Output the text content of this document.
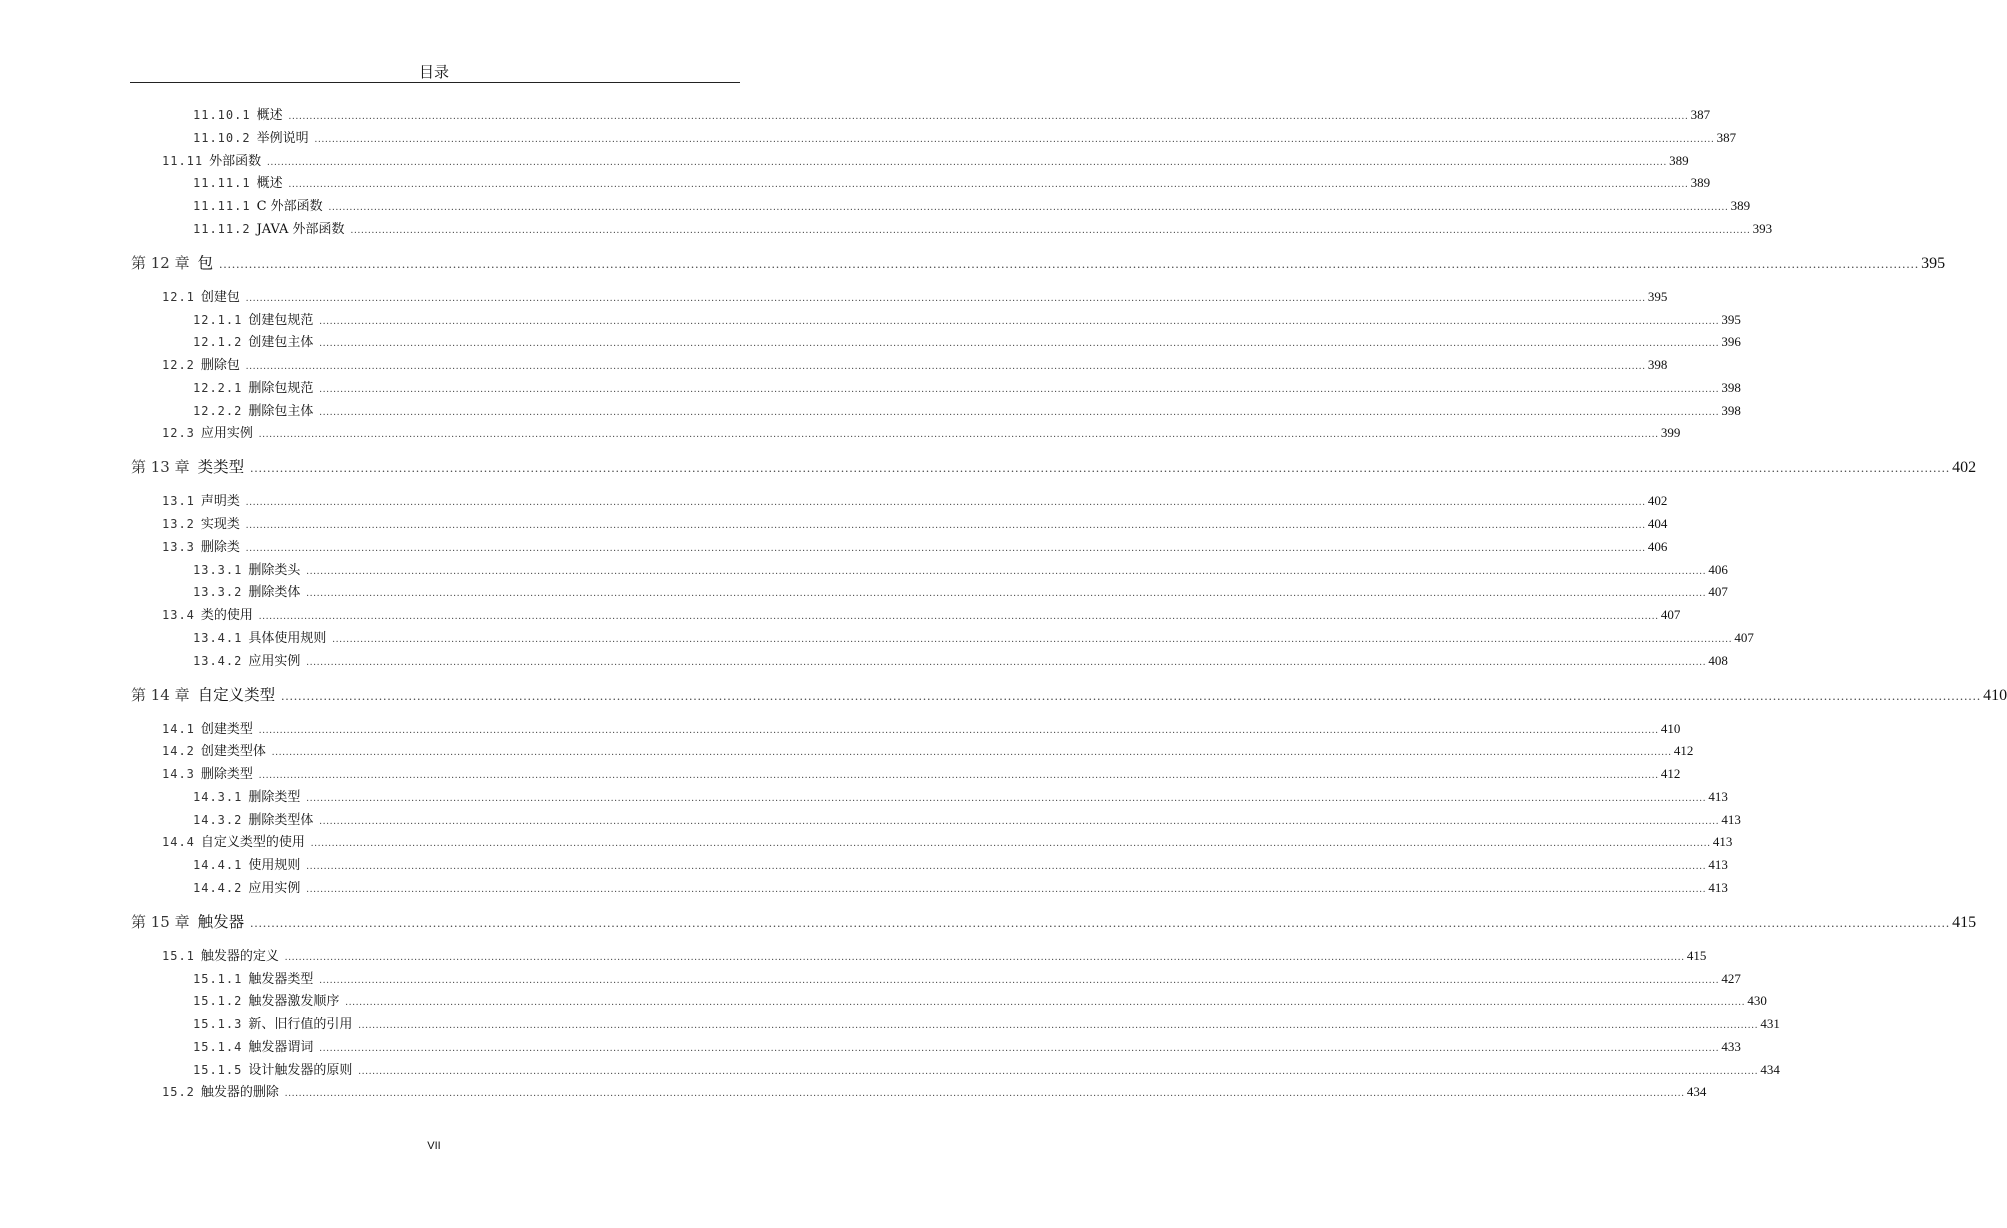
目录
11.10.1 概述 ................................................................................................................................................................................................................................................................................................................................................................................................................ 387
11.10.2 举例说明 ................................................................................................................................................................................................................................................................................................................................................................................................................ 387
11.11 外部函数 ................................................................................................................................................................................................................................................................................................................................................................................................................ 389
11.11.1 概述 ................................................................................................................................................................................................................................................................................................................................................................................................................ 389
11.11.1 C 外部函数 ................................................................................................................................................................................................................................................................................................................................................................................................................ 389
11.11.2 JAVA 外部函数 ................................................................................................................................................................................................................................................................................................................................................................................................................ 393
第 12 章 包 ................................................................................................................................................................................................................................................................................................................................................................................................................ 395
12.1 创建包 ................................................................................................................................................................................................................................................................................................................................................................................................................ 395
12.1.1 创建包规范 ................................................................................................................................................................................................................................................................................................................................................................................................................ 395
12.1.2 创建包主体 ................................................................................................................................................................................................................................................................................................................................................................................................................ 396
12.2 删除包 ................................................................................................................................................................................................................................................................................................................................................................................................................ 398
12.2.1 删除包规范 ................................................................................................................................................................................................................................................................................................................................................................................................................ 398
12.2.2 删除包主体 ................................................................................................................................................................................................................................................................................................................................................................................................................ 398
12.3 应用实例 ................................................................................................................................................................................................................................................................................................................................................................................................................ 399
第 13 章 类类型 ................................................................................................................................................................................................................................................................................................................................................................................................................ 402
13.1 声明类 ................................................................................................................................................................................................................................................................................................................................................................................................................ 402
13.2 实现类 ................................................................................................................................................................................................................................................................................................................................................................................................................ 404
13.3 删除类 ................................................................................................................................................................................................................................................................................................................................................................................................................ 406
13.3.1 删除类头 ................................................................................................................................................................................................................................................................................................................................................................................................................ 406
13.3.2 删除类体 ................................................................................................................................................................................................................................................................................................................................................................................................................ 407
13.4 类的使用 ................................................................................................................................................................................................................................................................................................................................................................................................................ 407
13.4.1 具体使用规则 ................................................................................................................................................................................................................................................................................................................................................................................................................ 407
13.4.2 应用实例 ................................................................................................................................................................................................................................................................................................................................................................................................................ 408
第 14 章 自定义类型 ................................................................................................................................................................................................................................................................................................................................................................................................................ 410
14.1 创建类型 ................................................................................................................................................................................................................................................................................................................................................................................................................ 410
14.2 创建类型体 ................................................................................................................................................................................................................................................................................................................................................................................................................ 412
14.3 删除类型 ................................................................................................................................................................................................................................................................................................................................................................................................................ 412
14.3.1 删除类型 ................................................................................................................................................................................................................................................................................................................................................................................................................ 413
14.3.2 删除类型体 ................................................................................................................................................................................................................................................................................................................................................................................................................ 413
14.4 自定义类型的使用 ................................................................................................................................................................................................................................................................................................................................................................................................................ 413
14.4.1 使用规则 ................................................................................................................................................................................................................................................................................................................................................................................................................ 413
14.4.2 应用实例 ................................................................................................................................................................................................................................................................................................................................................................................................................ 413
第 15 章 触发器 ................................................................................................................................................................................................................................................................................................................................................................................................................ 415
15.1 触发器的定义 ................................................................................................................................................................................................................................................................................................................................................................................................................ 415
15.1.1 触发器类型 ................................................................................................................................................................................................................................................................................................................................................................................................................ 427
15.1.2 触发器激发顺序 ................................................................................................................................................................................................................................................................................................................................................................................................................ 430
15.1.3 新、旧行值的引用 ................................................................................................................................................................................................................................................................................................................................................................................................................ 431
15.1.4 触发器谓词 ................................................................................................................................................................................................................................................................................................................................................................................................................ 433
15.1.5 设计触发器的原则 ................................................................................................................................................................................................................................................................................................................................................................................................................ 434
15.2 触发器的删除 ................................................................................................................................................................................................................................................................................................................................................................................................................ 434
VII
